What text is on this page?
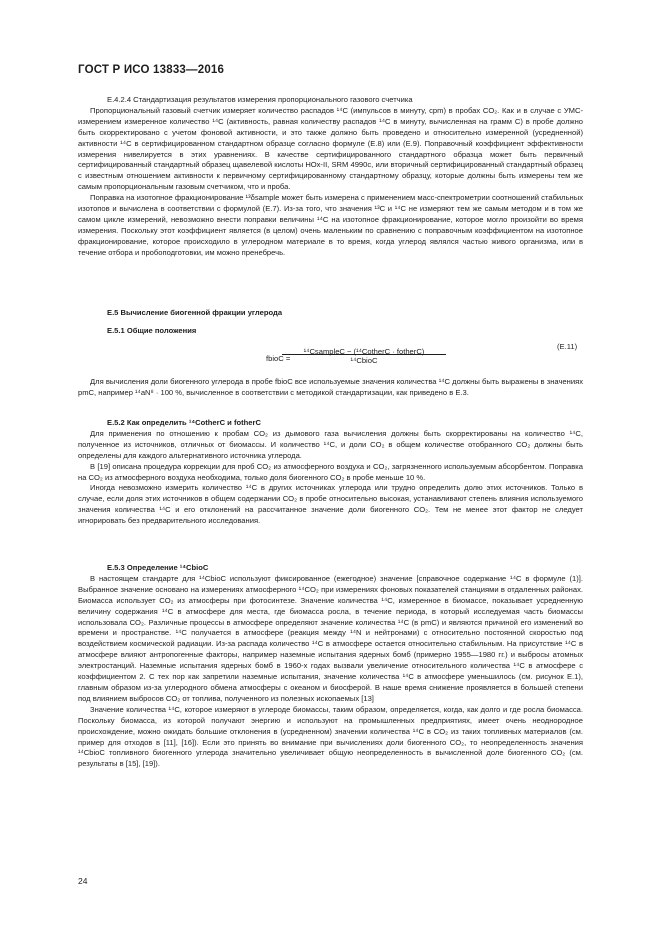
ГОСТ Р ИСО 13833—2016

Е.4.2.4 Стандартизация результатов измерения пропорционального газового счетчика

Пропорциональный газовый счетчик измеряет количество распадов ¹⁴С (импульсов в минуту, cpm) в пробах CO₂. Как и в случае с УМС-измерением измеренное количество ¹⁴С (активность, равная количеству распадов ¹⁴С в минуту, вычисленная на грамм С) в пробе должно быть скорректировано с учетом фоновой активности, и это также должно быть проведено и относительно измеренной (усредненной) активности ¹⁴С в сертифицированном стандартном образце согласно формуле (Е.8) или (Е.9). Поправочный коэффициент эффективности измерения нивелируется в этих уравнениях. В качестве сертифицированного стандартного образца может быть первичный сертифицированный стандартный образец щавелевой кислоты НОх-II, SRM 4990c, или вторичный сертифицированный стандартный образец с известным отношением активности к первичному сертифицированному стандартному образцу, которые должны быть измерены тем же самым пропорциональным газовым счетчиком, что и проба.

Поправка на изотопное фракционирование ¹³δsample может быть измерена с применением масс-спектрометрии соотношений стабильных изотопов и вычислена в соответствии с формулой (Е.7). Из-за того, что значения ¹³С и ¹⁴С не измеряют тем же самым методом и в том же самом цикле измерений, невозможно внести поправки величины ¹⁴С на изотопное фракционирование, которое могло произойти во время измерения. Поскольку этот коэффициент является (в целом) очень маленьким по сравнению с поправочным коэффициентом на изотопное фракционирование, которое происходило в углеродном материале в то время, когда углерод являлся частью живого организма, или в течение отбора и пробоподготовки, им можно пренебречь.

Е.5 Вычисление биогенной фракции углерода

Е.5.1 Общие положения

fbioC =
¹⁴CsampleC − (¹⁴CotherC · fotherC)
¹⁴CbioC
(Е.11)

Для вычисления доли биогенного углерода в пробе fbioC все используемые значения количества ¹⁴С должны быть выражены в значениях pmC, например ¹⁴aN⁸ · 100 %, вычисленное в соответствии с методикой стандартизации, как приведено в Е.3.

Е.5.2 Как определить ¹⁴CotherC и fotherC

Для применения по отношению к пробам CO₂ из дымового газа вычисления должны быть скорректированы на количество ¹⁴С, полученное из источников, отличных от биомассы. И количество ¹⁴С, и доли CO₂ в общем количестве отобранного CO₂ должны быть определены для каждого альтернативного источника углерода.

В [19] описана процедура коррекции для проб CO₂ из атмосферного воздуха и CO₂, загрязненного используемым абсорбентом. Поправка на CO₂ из атмосферного воздуха необходима, только доля биогенного CO₂ в пробе меньше 10 %.

Иногда невозможно измерить количество ¹⁴С в других источниках углерода или трудно определить долю этих источников. Только в случае, если доля этих источников в общем содержании CO₂ в пробе относительно высокая, устанавливают степень влияния используемого значения количества ¹⁴С и его отклонений на рассчитанное значение доли биогенного CO₂. Тем не менее этот фактор не следует игнорировать без предварительного исследования.

Е.5.3 Определение ¹⁴CbioC

В настоящем стандарте для ¹⁴CbioC используют фиксированное (ежегодное) значение [справочное содержание ¹⁴С в формуле (1)]. Выбранное значение основано на измерениях атмосферного ¹⁴CO₂ при измерениях фоновых показателей станциями в отдаленных районах. Биомасса использует CO₂ из атмосферы при фотосинтезе. Значение количества ¹⁴С, измеренное в биомассе, показывает усредненную величину содержания ¹⁴С в атмосфере для места, где биомасса росла, в течение периода, в который исследуемая часть биомассы использовала CO₂. Различные процессы в атмосфере определяют значение количества ¹⁴С (в pmC) и являются причиной его изменений во времени и пространстве. ¹⁴С получается в атмосфере (реакция между ¹⁴N и нейтронами) с относительно постоянной скоростью под воздействием космической радиации. Из-за распада количество ¹⁴С в атмосфере остается относительно стабильным. На присутствие ¹⁴С в атмосфере влияют антропогенные факторы, например наземные испытания ядерных бомб (примерно 1955—1980 гг.) и выбросы атомных электростанций. Наземные испытания ядерных бомб в 1960-х годах вызвали увеличение относительного количества ¹⁴С в атмосфере с коэффициентом 2. С тех пор как запретили наземные испытания, значение количества ¹⁴С в атмосфере уменьшилось (см. рисунок Е.1), главным образом из-за углеродного обмена атмосферы с океаном и биосферой. В наше время снижение проявляется в большей степени под влиянием выбросов CO₂ от топлива, полученного из полезных ископаемых [13]

Значение количества ¹⁴С, которое измеряют в углероде биомассы, таким образом, определяется, когда, как долго и где росла биомасса. Поскольку биомасса, из которой получают энергию и используют на промышленных предприятиях, имеет очень неоднородное происхождение, можно ожидать большие отклонения в (усредненном) значении количества ¹⁴С в CO₂ из таких топливных материалов (см. пример для отходов в [11], [16]). Если это принять во внимание при вычислениях доли биогенного CO₂, то неопределенность значения ¹⁴CbioC топливного биогенного углерода значительно увеличивает общую неопределенность в вычисленной доле биогенного CO₂ (см. результаты в [15], [19]).

24
